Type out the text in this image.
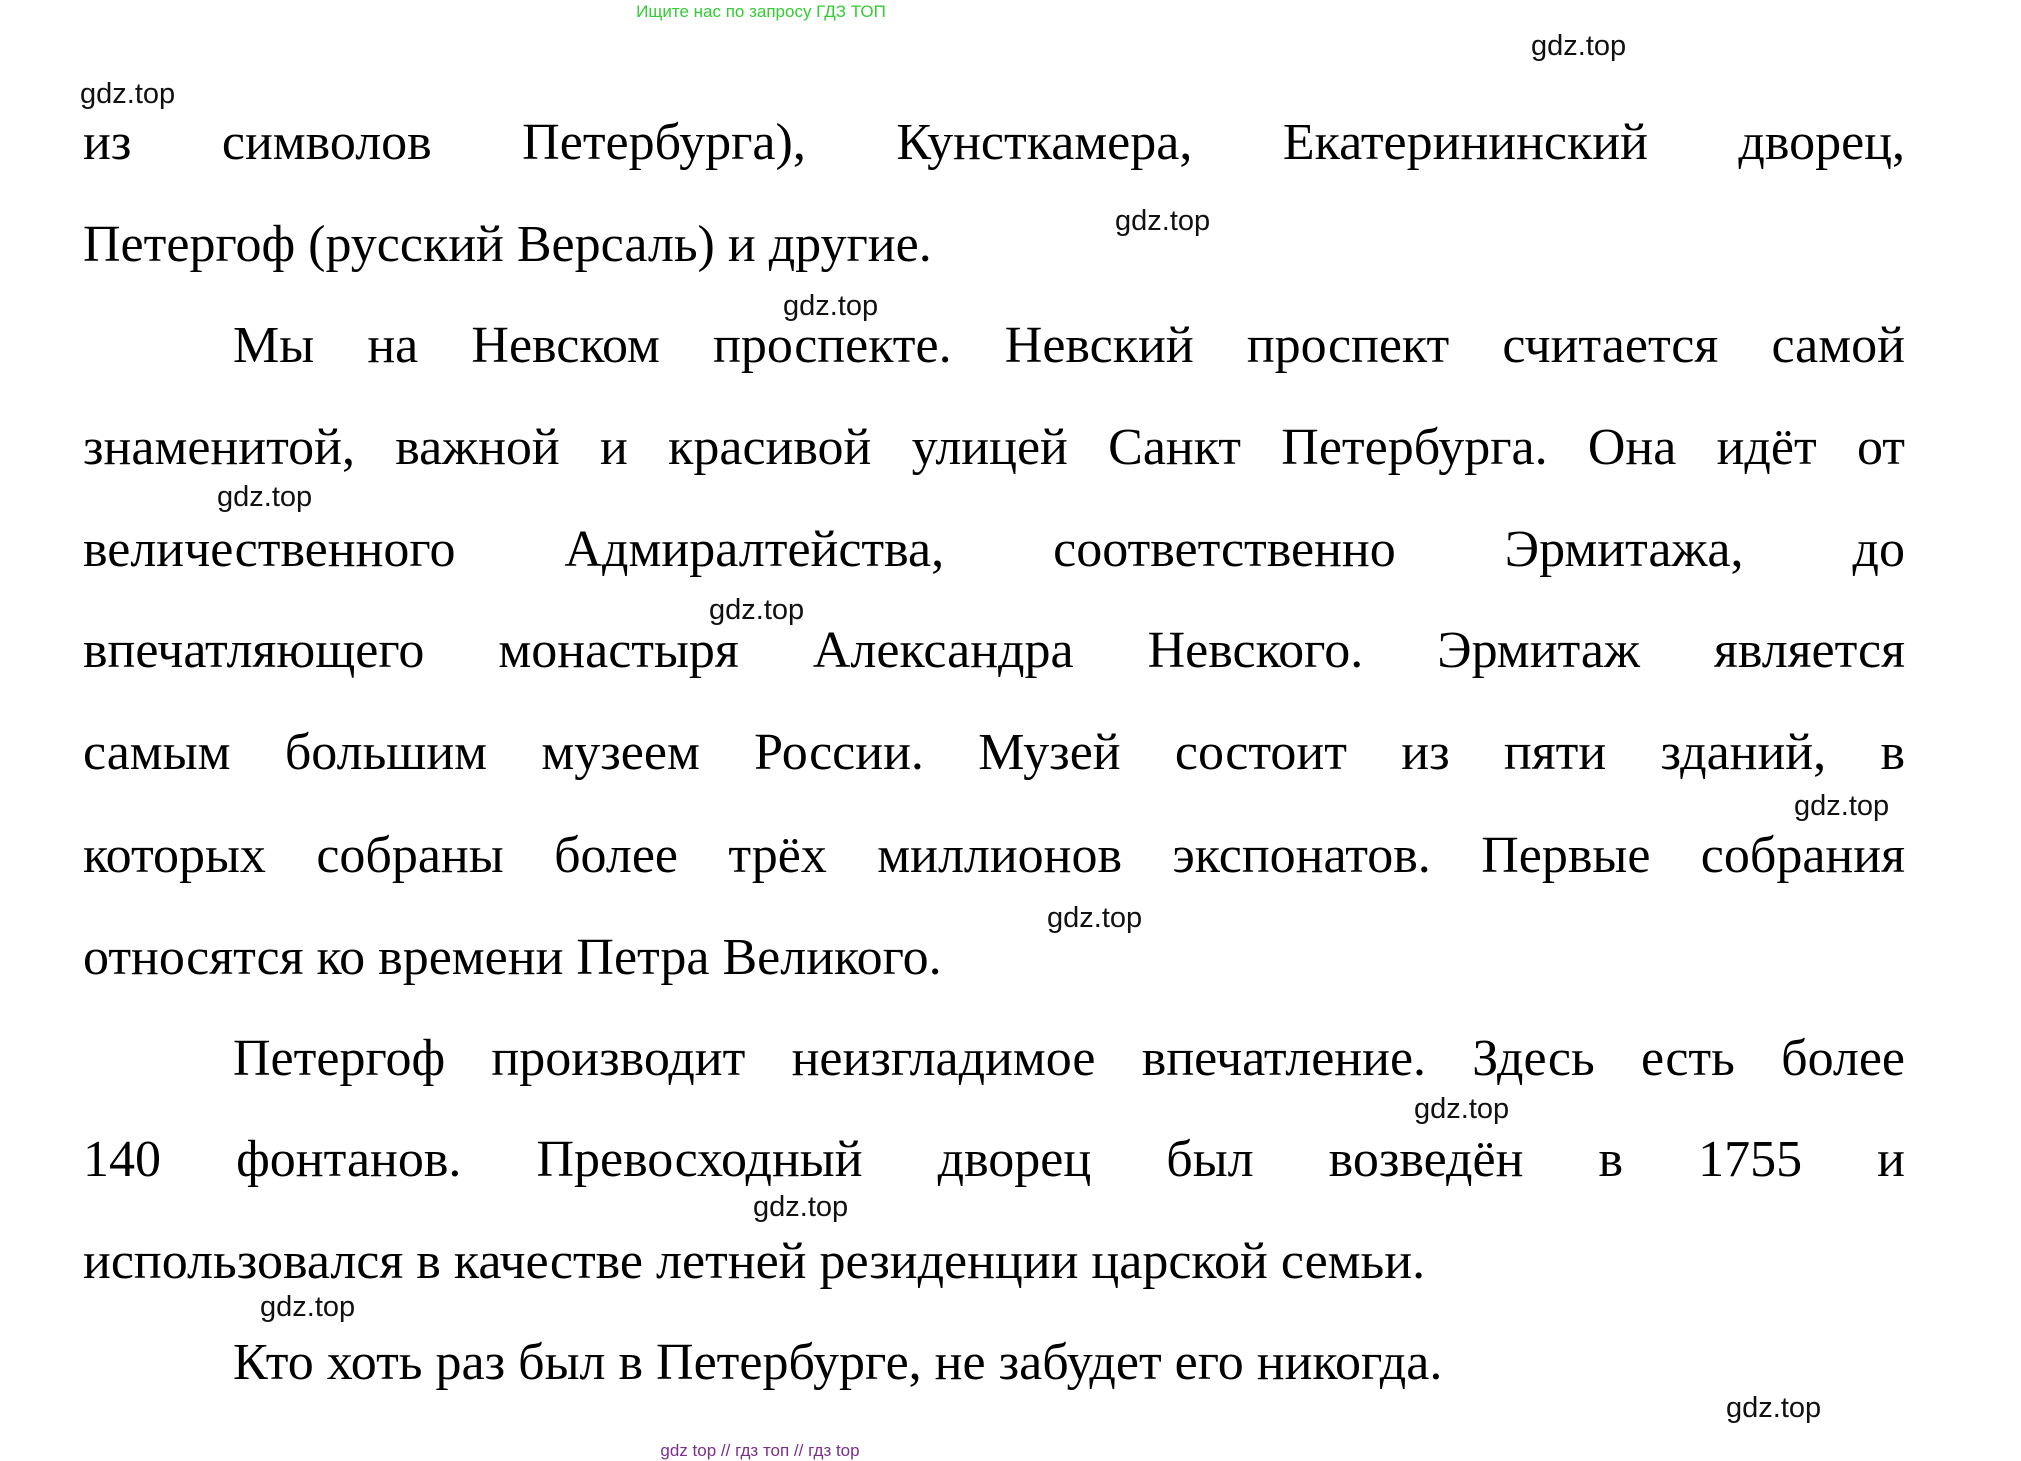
Ищите нас по запросу ГДЗ ТОП
gdz.top
gdz.top
gdz.top
gdz.top
gdz.top
gdz.top
gdz.top
gdz.top
gdz.top
gdz.top
gdz.top
gdz.top
из символов Петербурга), Кунсткамера, Екатерининский дворец,
Петергоф (русский Версаль) и другие.
Мы на Невском проспекте. Невский проспект считается самой
знаменитой, важной и красивой улицей Санкт Петербурга. Она идёт от
величественного Адмиралтейства, соответственно Эрмитажа, до
впечатляющего монастыря Александра Невского. Эрмитаж является
самым большим музеем России. Музей состоит из пяти зданий, в
которых собраны более трёх миллионов экспонатов. Первые собрания
относятся ко времени Петра Великого.
Петергоф производит неизгладимое впечатление. Здесь есть более
140 фонтанов. Превосходный дворец был возведён в 1755 и
использовался в качестве летней резиденции царской семьи.
Кто хоть раз был в Петербурге, не забудет его никогда.
gdz top // гдз топ // гдз top
